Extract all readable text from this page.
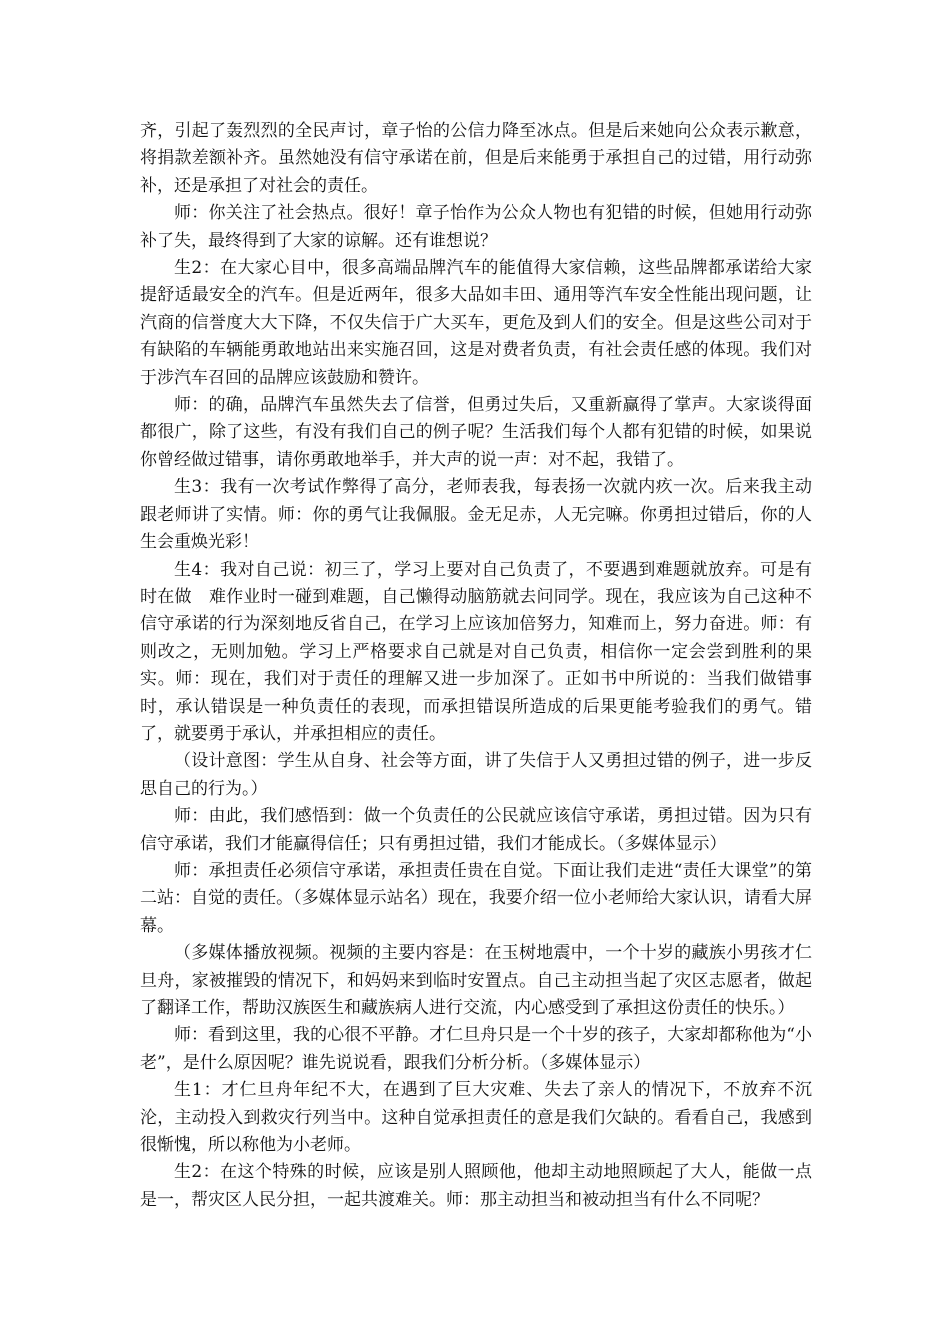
齐，引起了轰烈烈的全民声讨，章子怡的公信力降至冰点。但是后来她向公众表示歉意，将捐款差额补齐。虽然她没有信守承诺在前，但是后来能勇于承担自己的过错，用行动弥补，还是承担了对社会的责任。

师：你关注了社会热点。很好！章子怡作为公众人物也有犯错的时候，但她用行动弥补了失，最终得到了大家的谅解。还有谁想说？

生2：在大家心目中，很多高端品牌汽车的能值得大家信赖，这些品牌都承诺给大家提舒适最安全的汽车。但是近两年，很多大品如丰田、通用等汽车安全性能出现问题，让汽商的信誉度大大下降，不仅失信于广大买车，更危及到人们的安全。但是这些公司对于有缺陷的车辆能勇敢地站出来实施召回，这是对费者负责，有社会责任感的体现。我们对于涉汽车召回的品牌应该鼓励和赞许。

师：的确，品牌汽车虽然失去了信誉，但勇过失后，又重新赢得了掌声。大家谈得面都很广，除了这些，有没有我们自己的例子呢？生活我们每个人都有犯错的时候，如果说你曾经做过错事，请你勇敢地举手，并大声的说一声：对不起，我错了。

生3：我有一次考试作弊得了高分，老师表我，每表扬一次就内疚一次。后来我主动跟老师讲了实情。师：你的勇气让我佩服。金无足赤，人无完嘛。你勇担过错后，你的人生会重焕光彩！

生4：我对自己说：初三了，学习上要对自己负责了，不要遇到难题就放弃。可是有时在做　难作业时一碰到难题，自己懒得动脑筋就去问同学。现在，我应该为自己这种不信守承诺的行为深刻地反省自己，在学习上应该加倍努力，知难而上，努力奋进。师：有则改之，无则加勉。学习上严格要求自己就是对自己负责，相信你一定会尝到胜利的果实。师：现在，我们对于责任的理解又进一步加深了。正如书中所说的：当我们做错事时，承认错误是一种负责任的表现，而承担错误所造成的后果更能考验我们的勇气。错了，就要勇于承认，并承担相应的责任。

（设计意图：学生从自身、社会等方面，讲了失信于人又勇担过错的例子，进一步反思自己的行为。）

师：由此，我们感悟到：做一个负责任的公民就应该信守承诺，勇担过错。因为只有信守承诺，我们才能赢得信任；只有勇担过错，我们才能成长。（多媒体显示）

师：承担责任必须信守承诺，承担责任贵在自觉。下面让我们走进“责任大课堂”的第二站：自觉的责任。（多媒体显示站名）现在，我要介绍一位小老师给大家认识，请看大屏幕。

（多媒体播放视频。视频的主要内容是：在玉树地震中，一个十岁的藏族小男孩才仁旦舟，家被摧毁的情况下，和妈妈来到临时安置点。自己主动担当起了灾区志愿者，做起了翻译工作，帮助汉族医生和藏族病人进行交流，内心感受到了承担这份责任的快乐。）

师：看到这里，我的心很不平静。才仁旦舟只是一个十岁的孩子，大家却都称他为“小老”，是什么原因呢？谁先说说看，跟我们分析分析。（多媒体显示）

生1：才仁旦舟年纪不大，在遇到了巨大灾难、失去了亲人的情况下，不放弃不沉沦，主动投入到救灾行列当中。这种自觉承担责任的意是我们欠缺的。看看自己，我感到很惭愧，所以称他为小老师。

生2：在这个特殊的时候，应该是别人照顾他，他却主动地照顾起了大人，能做一点是一，帮灾区人民分担，一起共渡难关。师：那主动担当和被动担当有什么不同呢？
